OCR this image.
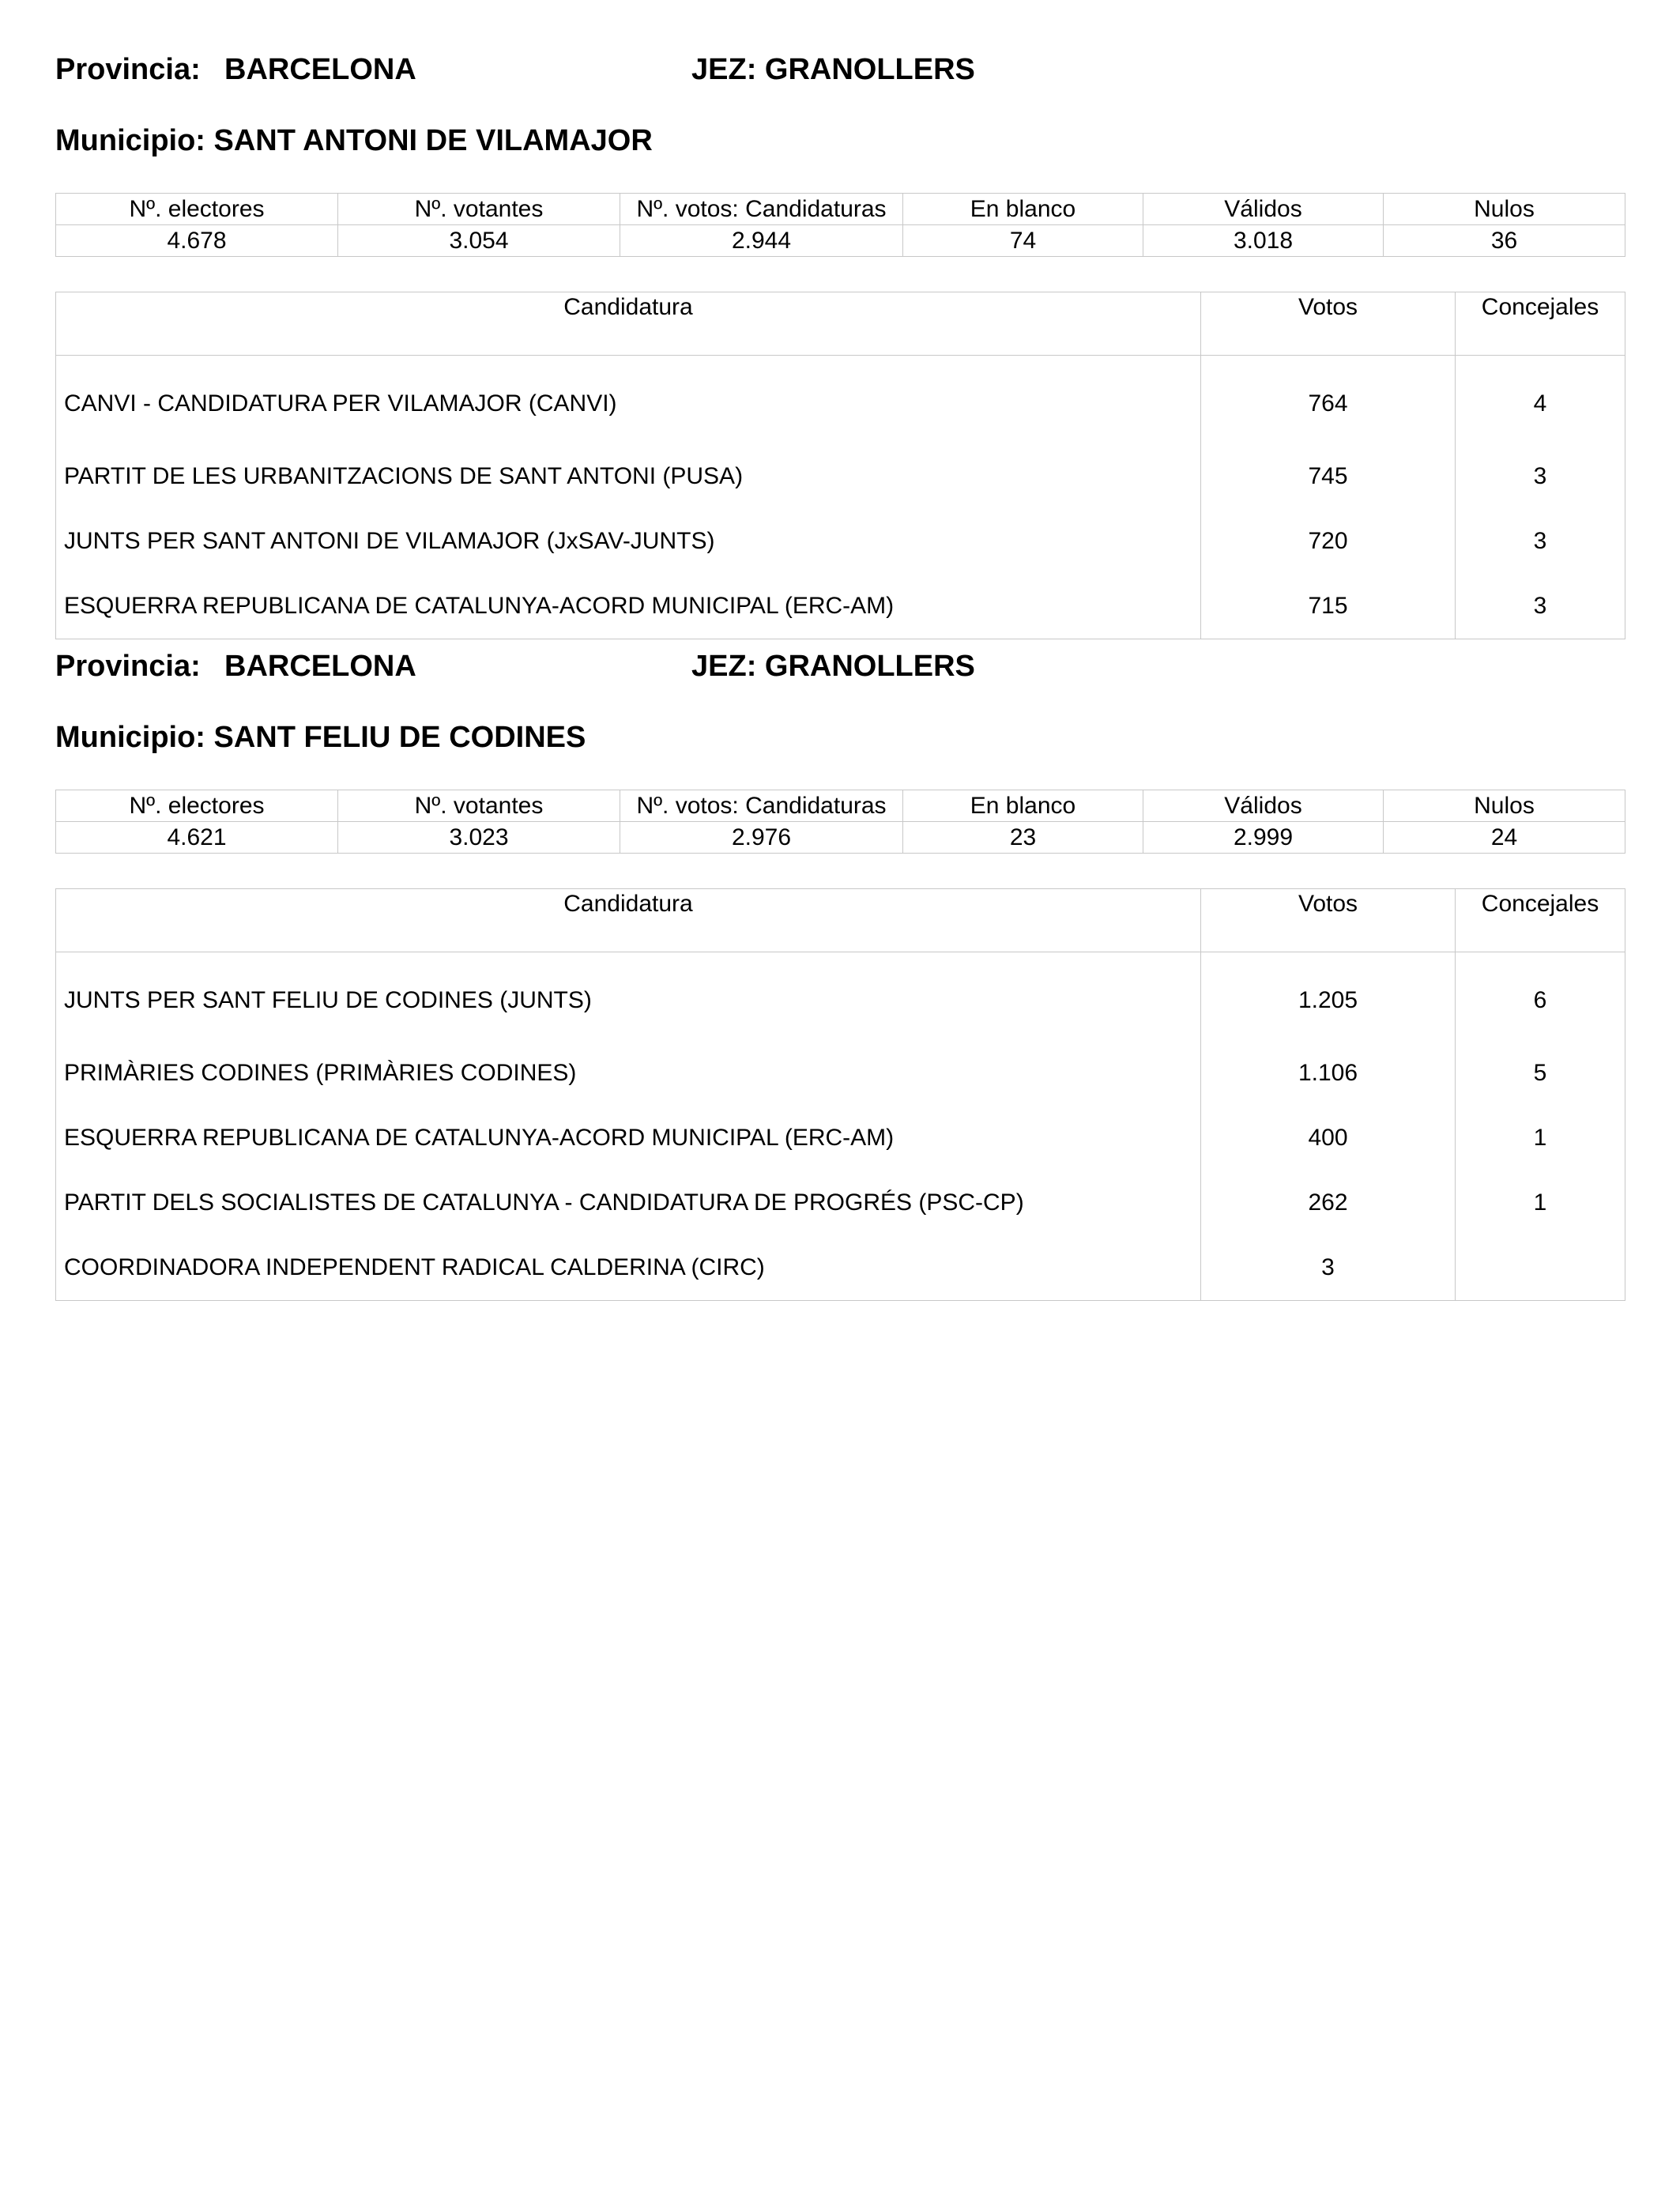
Provincia: BARCELONA	JEZ: GRANOLLERS
Municipio: SANT ANTONI DE VILAMAJOR
Nº. electores	Nº. votantes	Nº. votos: Candidaturas	En blanco	Válidos	Nulos
4.678	3.054	2.944	74	3.018	36
Candidatura	Votos	Concejales
CANVI - CANDIDATURA PER VILAMAJOR (CANVI)	764	4
PARTIT DE LES URBANITZACIONS DE SANT ANTONI (PUSA)	745	3
JUNTS PER SANT ANTONI DE VILAMAJOR (JxSAV-JUNTS)	720	3
ESQUERRA REPUBLICANA DE CATALUNYA-ACORD MUNICIPAL (ERC-AM)	715	3
Provincia: BARCELONA	JEZ: GRANOLLERS
Municipio: SANT FELIU DE CODINES
Nº. electores	Nº. votantes	Nº. votos: Candidaturas	En blanco	Válidos	Nulos
4.621	3.023	2.976	23	2.999	24
Candidatura	Votos	Concejales
JUNTS PER SANT FELIU DE CODINES (JUNTS)	1.205	6
PRIMÀRIES CODINES (PRIMÀRIES CODINES)	1.106	5
ESQUERRA REPUBLICANA DE CATALUNYA-ACORD MUNICIPAL (ERC-AM)	400	1
PARTIT DELS SOCIALISTES DE CATALUNYA - CANDIDATURA DE PROGRÉS (PSC-CP)	262	1
COORDINADORA INDEPENDENT RADICAL CALDERINA (CIRC)	3	
